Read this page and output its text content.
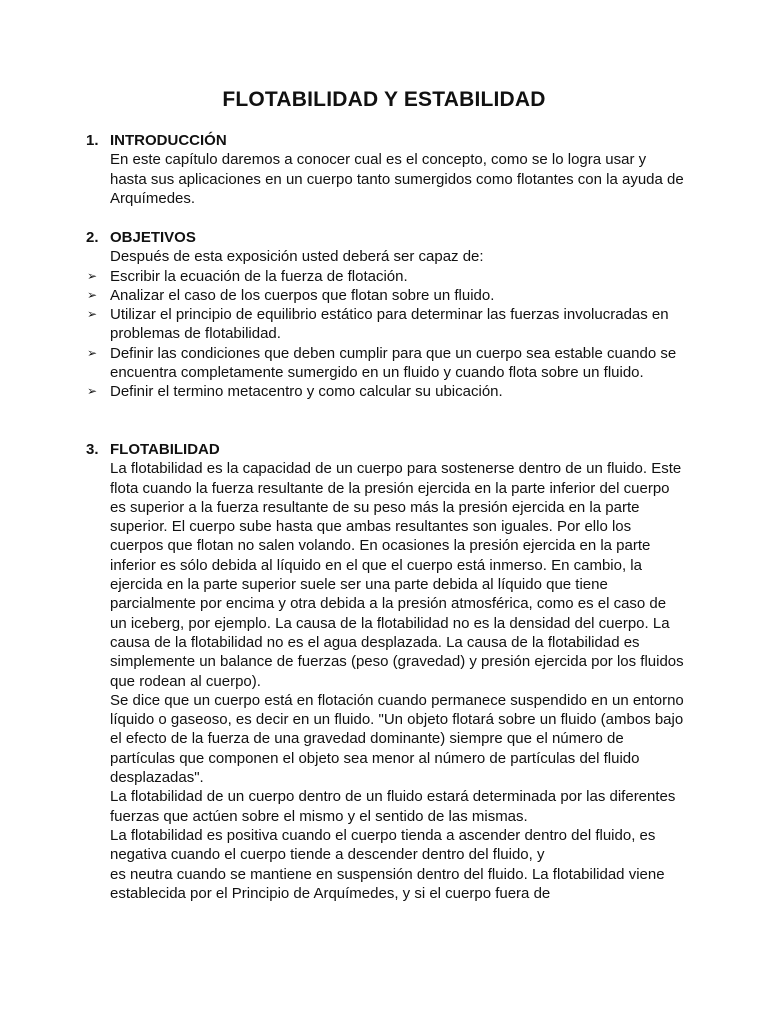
FLOTABILIDAD Y ESTABILIDAD
1. INTRODUCCIÓN
En este capítulo daremos a conocer cual es el concepto, como se lo logra usar y hasta sus aplicaciones en un cuerpo tanto sumergidos como flotantes con la ayuda de Arquímedes.
2. OBJETIVOS
Después de esta exposición usted deberá ser capaz de:
➢ Escribir la ecuación de la fuerza de flotación.
➢ Analizar el caso de los cuerpos que flotan sobre un fluido.
➢ Utilizar el principio de equilibrio estático para determinar las fuerzas involucradas en problemas de flotabilidad.
➢ Definir las condiciones que deben cumplir para que un cuerpo sea estable cuando se encuentra completamente sumergido en un fluido y cuando flota sobre un fluido.
➢ Definir el termino metacentro y como calcular su ubicación.
3. FLOTABILIDAD

La flotabilidad es la capacidad de un cuerpo para sostenerse dentro de un fluido. Este flota cuando la fuerza resultante de la presión ejercida en la parte inferior del cuerpo es superior a la fuerza resultante de su peso más la presión ejercida en la parte superior. El cuerpo sube hasta que ambas resultantes son iguales. Por ello los cuerpos que flotan no salen volando. En ocasiones la presión ejercida en la parte inferior es sólo debida al líquido en el que el cuerpo está inmerso. En cambio, la ejercida en la parte superior suele ser una parte debida al líquido que tiene parcialmente por encima y otra debida a la presión atmosférica, como es el caso de un iceberg, por ejemplo. La causa de la flotabilidad no es la densidad del cuerpo. La causa de la flotabilidad no es el agua desplazada. La causa de la flotabilidad es simplemente un balance de fuerzas (peso (gravedad) y presión ejercida por los fluidos que rodean al cuerpo).

Se dice que un cuerpo está en flotación cuando permanece suspendido en un entorno líquido o gaseoso, es decir en un fluido. "Un objeto flotará sobre un fluido (ambos bajo el efecto de la fuerza de una gravedad dominante) siempre que el número de partículas que componen el objeto sea menor al número de partículas del fluido desplazadas".

La flotabilidad de un cuerpo dentro de un fluido estará determinada por las diferentes fuerzas que actúen sobre el mismo y el sentido de las mismas.

La flotabilidad es positiva cuando el cuerpo tienda a ascender dentro del fluido, es negativa cuando el cuerpo tiende a descender dentro del fluido, y

es neutra cuando se mantiene en suspensión dentro del fluido. La flotabilidad viene establecida por el Principio de Arquímedes, y si el cuerpo fuera de
